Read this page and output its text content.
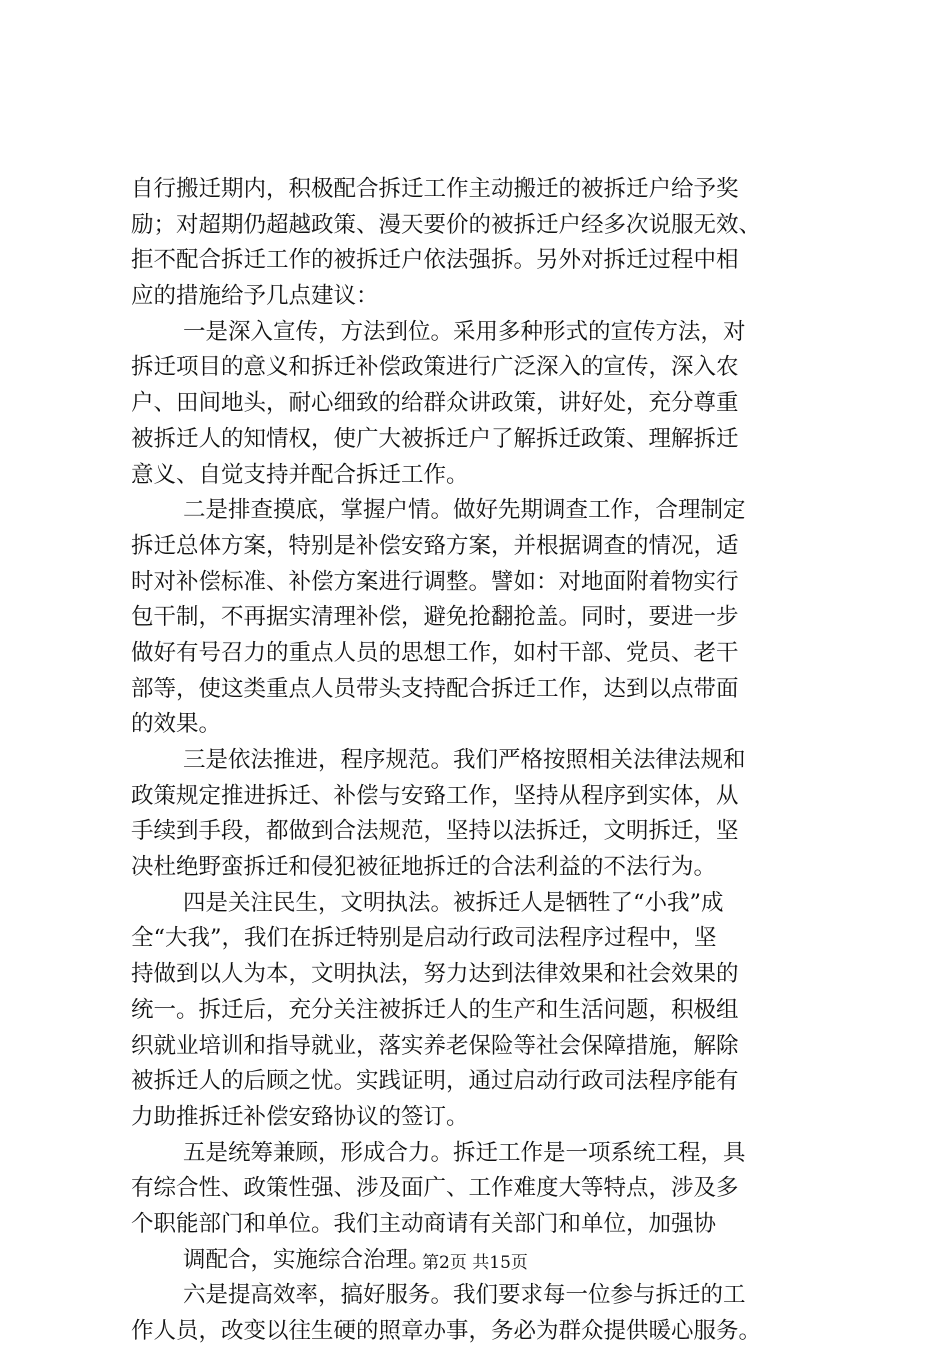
自行搬迁期内，积极配合拆迁工作主动搬迁的被拆迁户给予奖
励；对超期仍超越政策、漫天要价的被拆迁户经多次说服无效、
拒不配合拆迁工作的被拆迁户依法强拆。另外对拆迁过程中相
应的措施给予几点建议：
一是深入宣传，方法到位。采用多种形式的宣传方法，对
拆迁项目的意义和拆迁补偿政策进行广泛深入的宣传，深入农
户、田间地头，耐心细致的给群众讲政策，讲好处，充分尊重
被拆迁人的知情权，使广大被拆迁户了解拆迁政策、理解拆迁
意义、自觉支持并配合拆迁工作。
二是排查摸底，掌握户情。做好先期调查工作，合理制定
拆迁总体方案，特别是补偿安臵方案，并根据调查的情况，适
时对补偿标准、补偿方案进行调整。譬如：对地面附着物实行
包干制，不再据实清理补偿，避免抢翻抢盖。同时，要进一步
做好有号召力的重点人员的思想工作，如村干部、党员、老干
部等，使这类重点人员带头支持配合拆迁工作，达到以点带面
的效果。
三是依法推进，程序规范。我们严格按照相关法律法规和
政策规定推进拆迁、补偿与安臵工作，坚持从程序到实体，从
手续到手段，都做到合法规范，坚持以法拆迁，文明拆迁，坚
决杜绝野蛮拆迁和侵犯被征地拆迁的合法利益的不法行为。
四是关注民生，文明执法。被拆迁人是牺牲了“小我”成
全“大我”，我们在拆迁特别是启动行政司法程序过程中，坚
持做到以人为本，文明执法，努力达到法律效果和社会效果的
统一。拆迁后，充分关注被拆迁人的生产和生活问题，积极组
织就业培训和指导就业，落实养老保险等社会保障措施，解除
被拆迁人的后顾之忧。实践证明，通过启动行政司法程序能有
力助推拆迁补偿安臵协议的签订。
五是统筹兼顾，形成合力。拆迁工作是一项系统工程，具
有综合性、政策性强、涉及面广、工作难度大等特点，涉及多
个职能部门和单位。我们主动商请有关部门和单位，加强协
调配合，实施综合治理。
六是提高效率，搞好服务。我们要求每一位参与拆迁的工
作人员，改变以往生硬的照章办事，务必为群众提供暖心服务。
第2页 共15页
